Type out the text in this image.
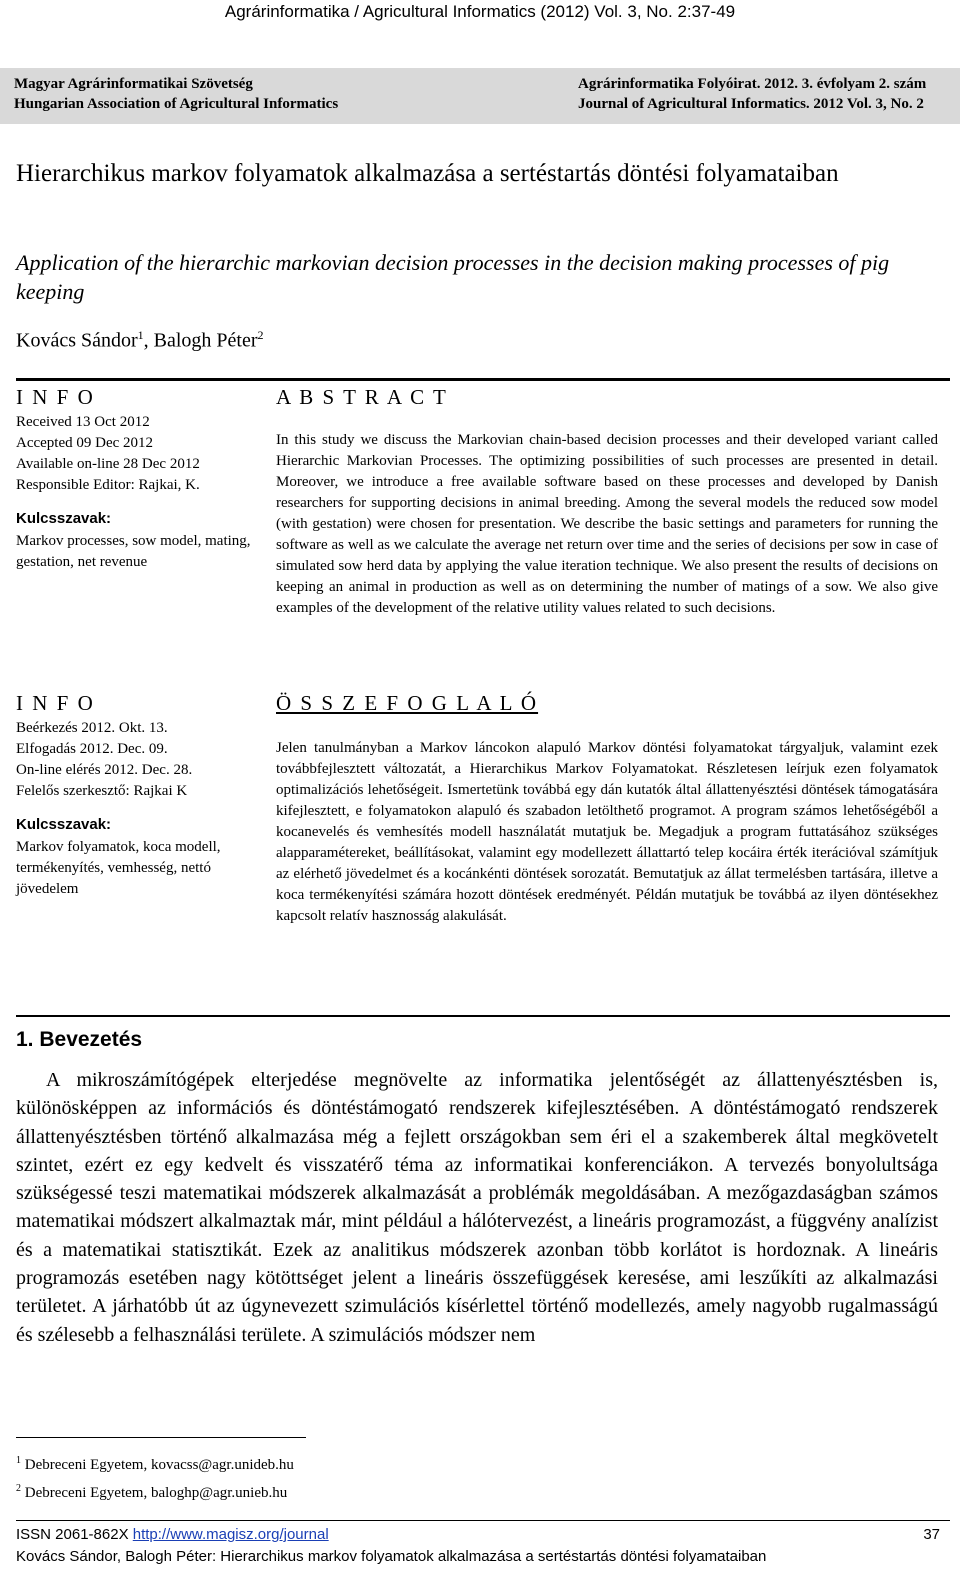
Agrárinformatika / Agricultural Informatics (2012) Vol. 3, No. 2:37-49
Magyar Agrárinformatikai Szövetség
Hungarian Association of Agricultural Informatics
Agrárinformatika Folyóirat. 2012. 3. évfolyam 2. szám
Journal of Agricultural Informatics. 2012 Vol. 3, No. 2
Hierarchikus markov folyamatok alkalmazása a sertéstartás döntési folyamataiban
Application of the hierarchic markovian decision processes in the decision making processes of pig keeping
Kovács Sándor$^1$, Balogh Péter$^2$
I N F O
Received 13 Oct 2012
Accepted 09 Dec 2012
Available on-line 28 Dec 2012
Responsible Editor: Rajkai, K.
Kulcsszavak:
Markov processes, sow model, mating, gestation, net revenue
A B S T R A C T
In this study we discuss the Markovian chain-based decision processes and their developed variant called Hierarchic Markovian Processes. The optimizing possibilities of such processes are presented in detail. Moreover, we introduce a free available software based on these processes and developed by Danish researchers for supporting decisions in animal breeding. Among the several models the reduced sow model (with gestation) were chosen for presentation. We describe the basic settings and parameters for running the software as well as we calculate the average net return over time and the series of decisions per sow in case of simulated sow herd data by applying the value iteration technique. We also present the results of decisions on keeping an animal in production as well as on determining the number of matings of a sow. We also give examples of the development of the relative utility values related to such decisions.
I N F O
Beérkezés 2012. Okt. 13.
Elfogadás 2012. Dec. 09.
On-line elérés 2012. Dec. 28.
Felelős szerkesztő: Rajkai K
Kulcsszavak:
Markov folyamatok, koca modell, termékenyítés, vemhesség, nettó jövedelem
Ö S S Z E F O G L A L Ó
Jelen tanulmányban a Markov láncokon alapuló Markov döntési folyamatokat tárgyaljuk, valamint ezek továbbfejlesztett változatát, a Hierarchikus Markov Folyamatokat. Részletesen leírjuk ezen folyamatok optimalizációs lehetőségeit. Ismertetünk továbbá egy dán kutatók által állattenyésztési döntések támogatására kifejlesztett, e folyamatokon alapuló és szabadon letölthető programot. A program számos lehetőségéből a kocanevelés és vemhesítés modell használatát mutatjuk be. Megadjuk a program futtatásához szükséges alapparamétereket, beállításokat, valamint egy modellezett állattartó telep kocáira érték iterációval számítjuk az elérhető jövedelmet és a kocánkénti döntések sorozatát. Bemutatjuk az állat termelésben tartására, illetve a koca termékenyítési számára hozott döntések eredményét. Példán mutatjuk be továbbá az ilyen döntésekhez kapcsolt relatív hasznosság alakulását.
1. Bevezetés
A mikroszámítógépek elterjedése megnövelte az informatika jelentőségét az állattenyésztésben is, különösképpen az információs és döntéstámogató rendszerek kifejlesztésében. A döntéstámogató rendszerek állattenyésztésben történő alkalmazása még a fejlett országokban sem éri el a szakemberek által megkövetelt szintet, ezért ez egy kedvelt és visszatérő téma az informatikai konferenciákon. A tervezés bonyolultsága szükségessé teszi matematikai módszerek alkalmazását a problémák megoldásában. A mezőgazdaságban számos matematikai módszert alkalmaztak már, mint például a hálótervezést, a lineáris programozást, a függvény analízist és a matematikai statisztikát. Ezek az analitikus módszerek azonban több korlátot is hordoznak. A lineáris programozás esetében nagy kötöttséget jelent a lineáris összefüggések keresése, ami leszűkíti az alkalmazási területet. A járhatóbb út az úgynevezett szimulációs kísérlettel történő modellezés, amely nagyobb rugalmasságú és szélesebb a felhasználási területe. A szimulációs módszer nem
$^1$ Debreceni Egyetem, kovacss@agr.unideb.hu
$^2$ Debreceni Egyetem, baloghp@agr.unieb.hu
ISSN 2061-862X http://www.magisz.org/journal	37
Kovács Sándor, Balogh Péter: Hierarchikus markov folyamatok alkalmazása a sertéstartás döntési folyamataiban
